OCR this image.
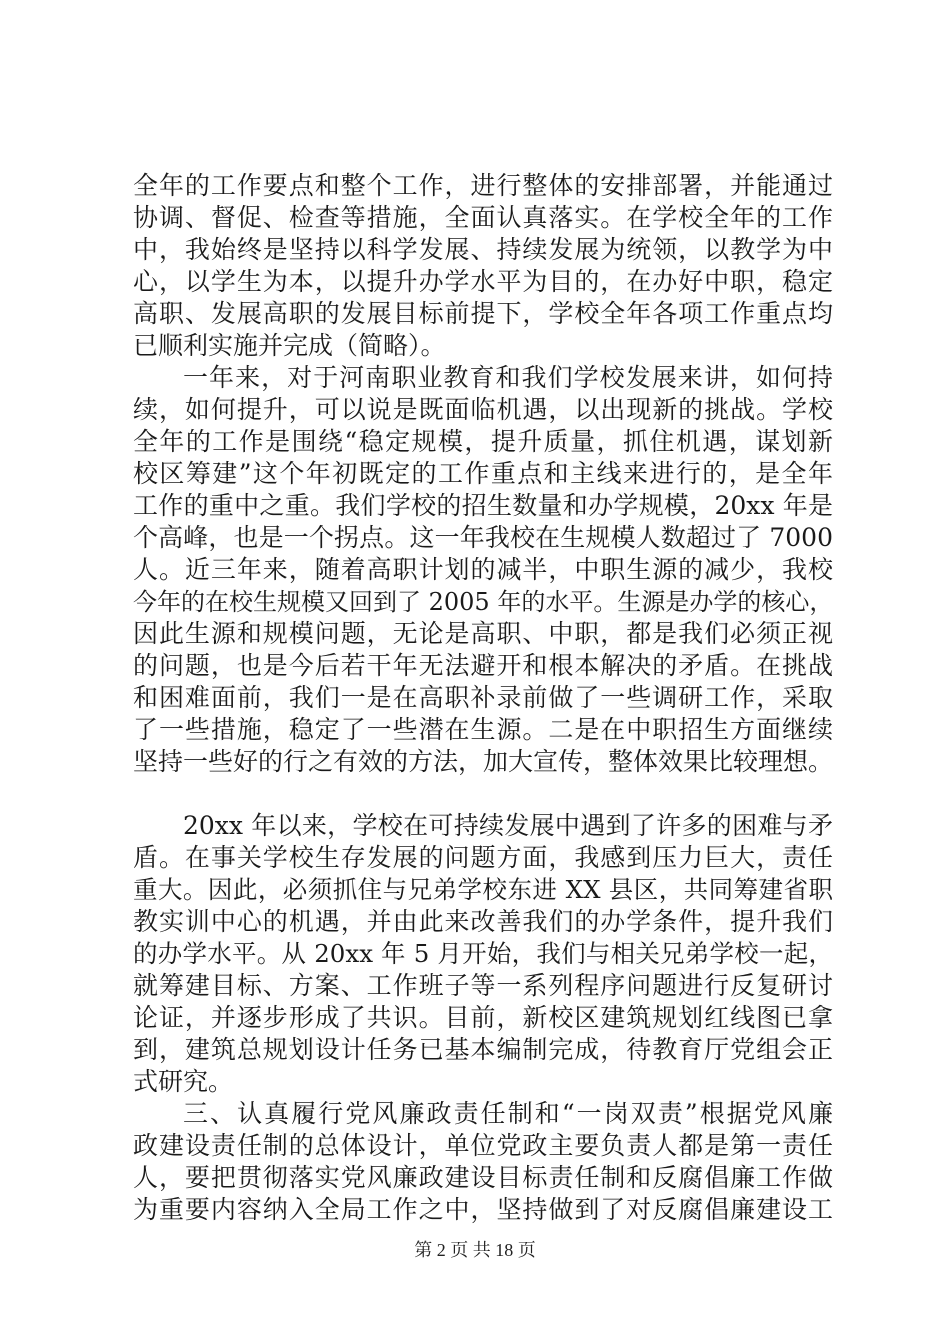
全年的工作要点和整个工作，进行整体的安排部署，并能通过
协调、督促、检查等措施，全面认真落实。在学校全年的工作
中，我始终是坚持以科学发展、持续发展为统领，以教学为中
心，以学生为本，以提升办学水平为目的，在办好中职，稳定
高职、发展高职的发展目标前提下，学校全年各项工作重点均
已顺利实施并完成（简略）。
一年来，对于河南职业教育和我们学校发展来讲，如何持
续，如何提升，可以说是既面临机遇，以出现新的挑战。学校
全年的工作是围绕“稳定规模，提升质量，抓住机遇，谋划新
校区筹建”这个年初既定的工作重点和主线来进行的，是全年
工作的重中之重。我们学校的招生数量和办学规模，20xx 年是
个高峰，也是一个拐点。这一年我校在生规模人数超过了 7000
人。近三年来，随着高职计划的减半，中职生源的减少，我校
今年的在校生规模又回到了 2005 年的水平。生源是办学的核心，
因此生源和规模问题，无论是高职、中职，都是我们必须正视
的问题，也是今后若干年无法避开和根本解决的矛盾。在挑战
和困难面前，我们一是在高职补录前做了一些调研工作，采取
了一些措施，稳定了一些潜在生源。二是在中职招生方面继续
坚持一些好的行之有效的方法，加大宣传，整体效果比较理想。
20xx 年以来，学校在可持续发展中遇到了许多的困难与矛
盾。在事关学校生存发展的问题方面，我感到压力巨大，责任
重大。因此，必须抓住与兄弟学校东进 XX 县区，共同筹建省职
教实训中心的机遇，并由此来改善我们的办学条件，提升我们
的办学水平。从 20xx 年 5 月开始，我们与相关兄弟学校一起，
就筹建目标、方案、工作班子等一系列程序问题进行反复研讨
论证，并逐步形成了共识。目前，新校区建筑规划红线图已拿
到，建筑总规划设计任务已基本编制完成，待教育厅党组会正
式研究。
三、认真履行党风廉政责任制和“一岗双责”根据党风廉
政建设责任制的总体设计，单位党政主要负责人都是第一责任
人，要把贯彻落实党风廉政建设目标责任制和反腐倡廉工作做
为重要内容纳入全局工作之中，坚持做到了对反腐倡廉建设工
第 2 页 共 18 页
